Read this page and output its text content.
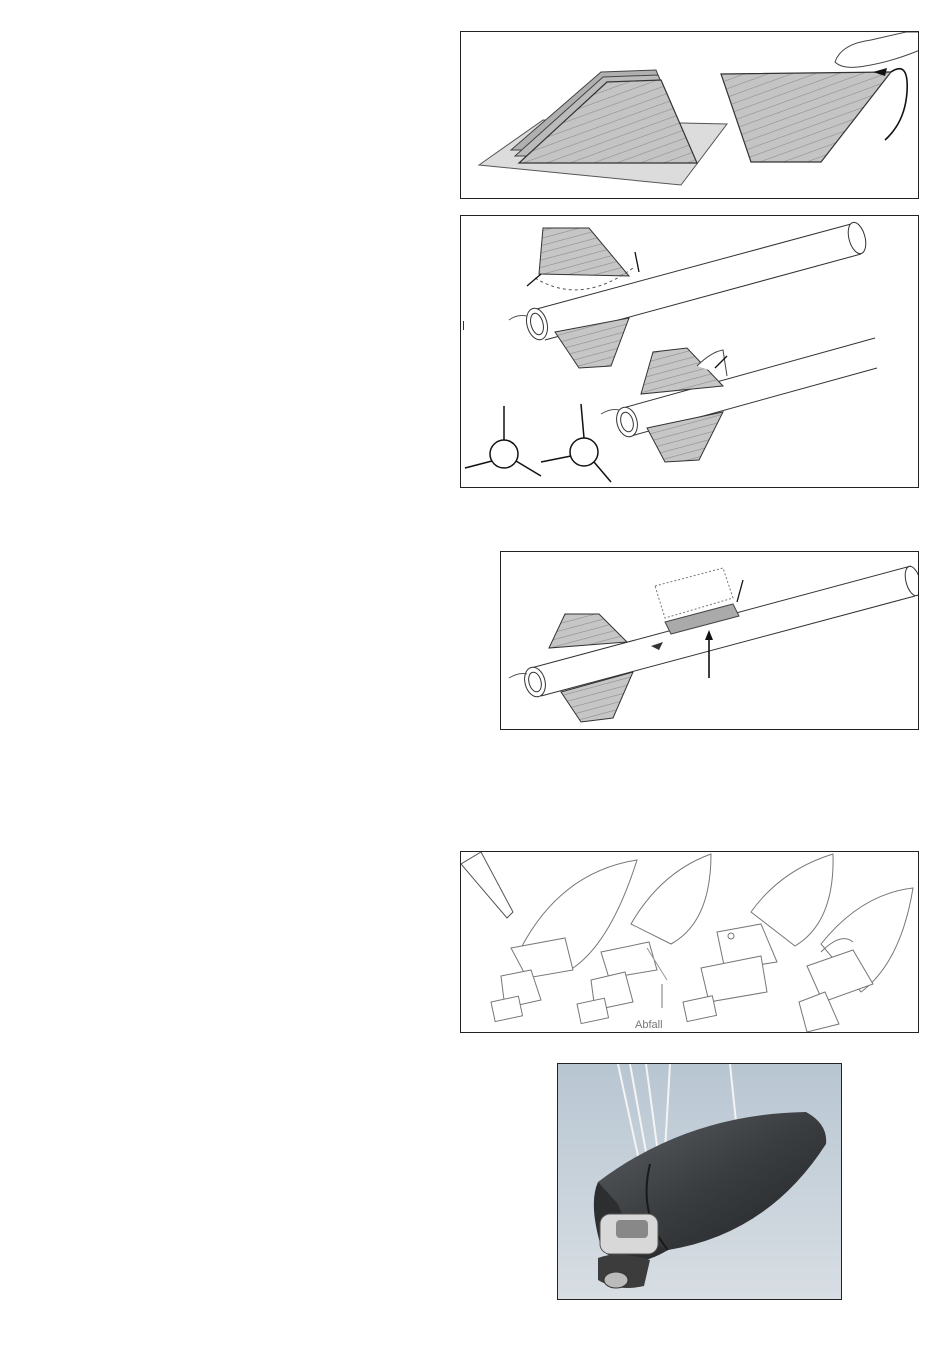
Abfall
